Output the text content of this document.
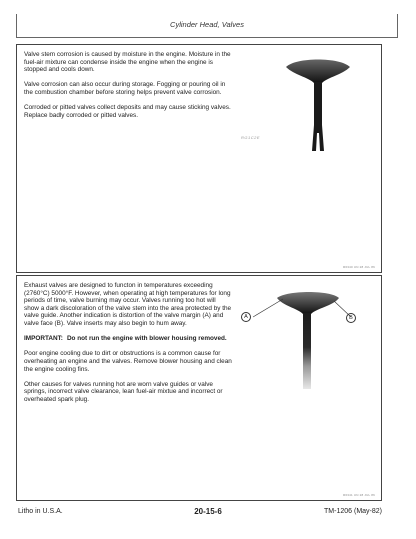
Cylinder Head, Valves

Valve stem corrosion is caused by moisture in the engine. Moisture in the fuel-air mixture can condense inside the engine when the engine is stopped and cools down.

Valve corrosion can also occur during storage. Fogging or pouring oil in the combustion chamber before storing helps prevent valve corrosion.

Corroded or pitted valves collect deposits and may cause sticking valves. Replace badly corroded or pitted valves.

RG1C2E
R6340 UN 28 JUL 86

Exhaust valves are designed to functon in temperatures exceeding (2760°C) 5000°F. However, when operating at high temperatures for long periods of time, valve burning may occur. Valves running too hot will show a dark discoloration of the valve stem into the area protected by the valve guide. Another indication is distortion of the valve margin (A) and valve face (B). Valve inserts may also begin to hum away.

IMPORTANT: Do not run the engine with blower housing removed.

Poor engine cooling due to dirt or obstructions is a common cause for overheating an engine and the valves. Remove blower housing and clean the engine cooling fins.

Other causes for valves running hot are worn valve guides or valve springs, incorrect valve clearance, lean fuel-air mixtue and incorrect or overheated spark plug.

A	B
R6341 UN 28 JUL 86
Litho in U.S.A.	20-15-6	TM-1206 (May-82)
